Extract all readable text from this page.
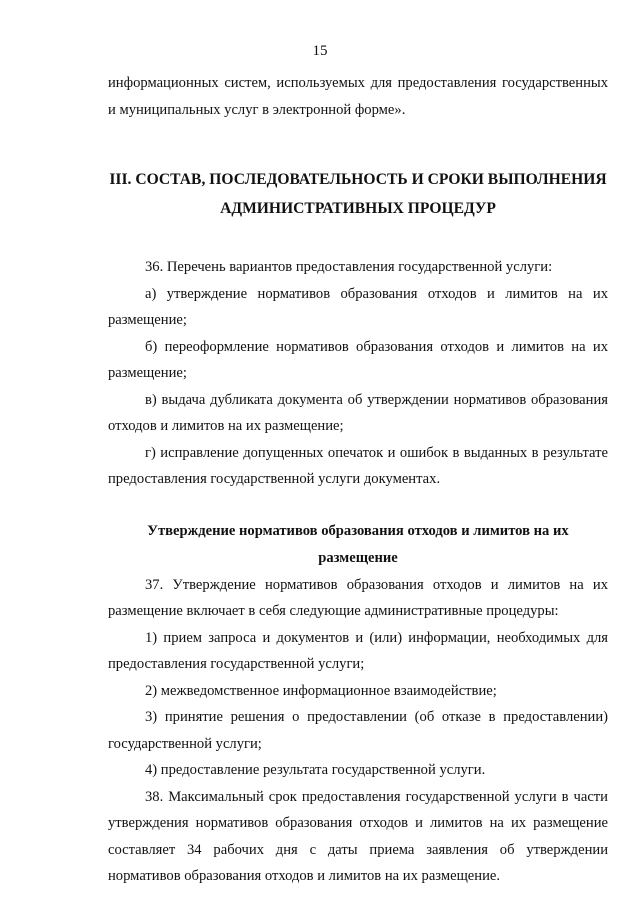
15

информационных систем, используемых для предоставления государственных и муниципальных услуг в электронной форме».

III. СОСТАВ, ПОСЛЕДОВАТЕЛЬНОСТЬ И СРОКИ ВЫПОЛНЕНИЯ АДМИНИСТРАТИВНЫХ ПРОЦЕДУР

36. Перечень вариантов предоставления государственной услуги:

а) утверждение нормативов образования отходов и лимитов на их размещение;

б) переоформление нормативов образования отходов и лимитов на их размещение;

в) выдача дубликата документа об утверждении нормативов образования отходов и лимитов на их размещение;

г) исправление допущенных опечаток и ошибок в выданных в результате предоставления государственной услуги документах.

Утверждение нормативов образования отходов и лимитов на их размещение

37. Утверждение нормативов образования отходов и лимитов на их размещение включает в себя следующие административные процедуры:

1) прием запроса и документов и (или) информации, необходимых для предоставления государственной услуги;

2) межведомственное информационное взаимодействие;

3) принятие решения о предоставлении (об отказе в предоставлении) государственной услуги;

4) предоставление результата государственной услуги.

38. Максимальный срок предоставления государственной услуги в части утверждения нормативов образования отходов и лимитов на их размещение составляет 34 рабочих дня с даты приема заявления об утверждении нормативов образования отходов и лимитов на их размещение.
